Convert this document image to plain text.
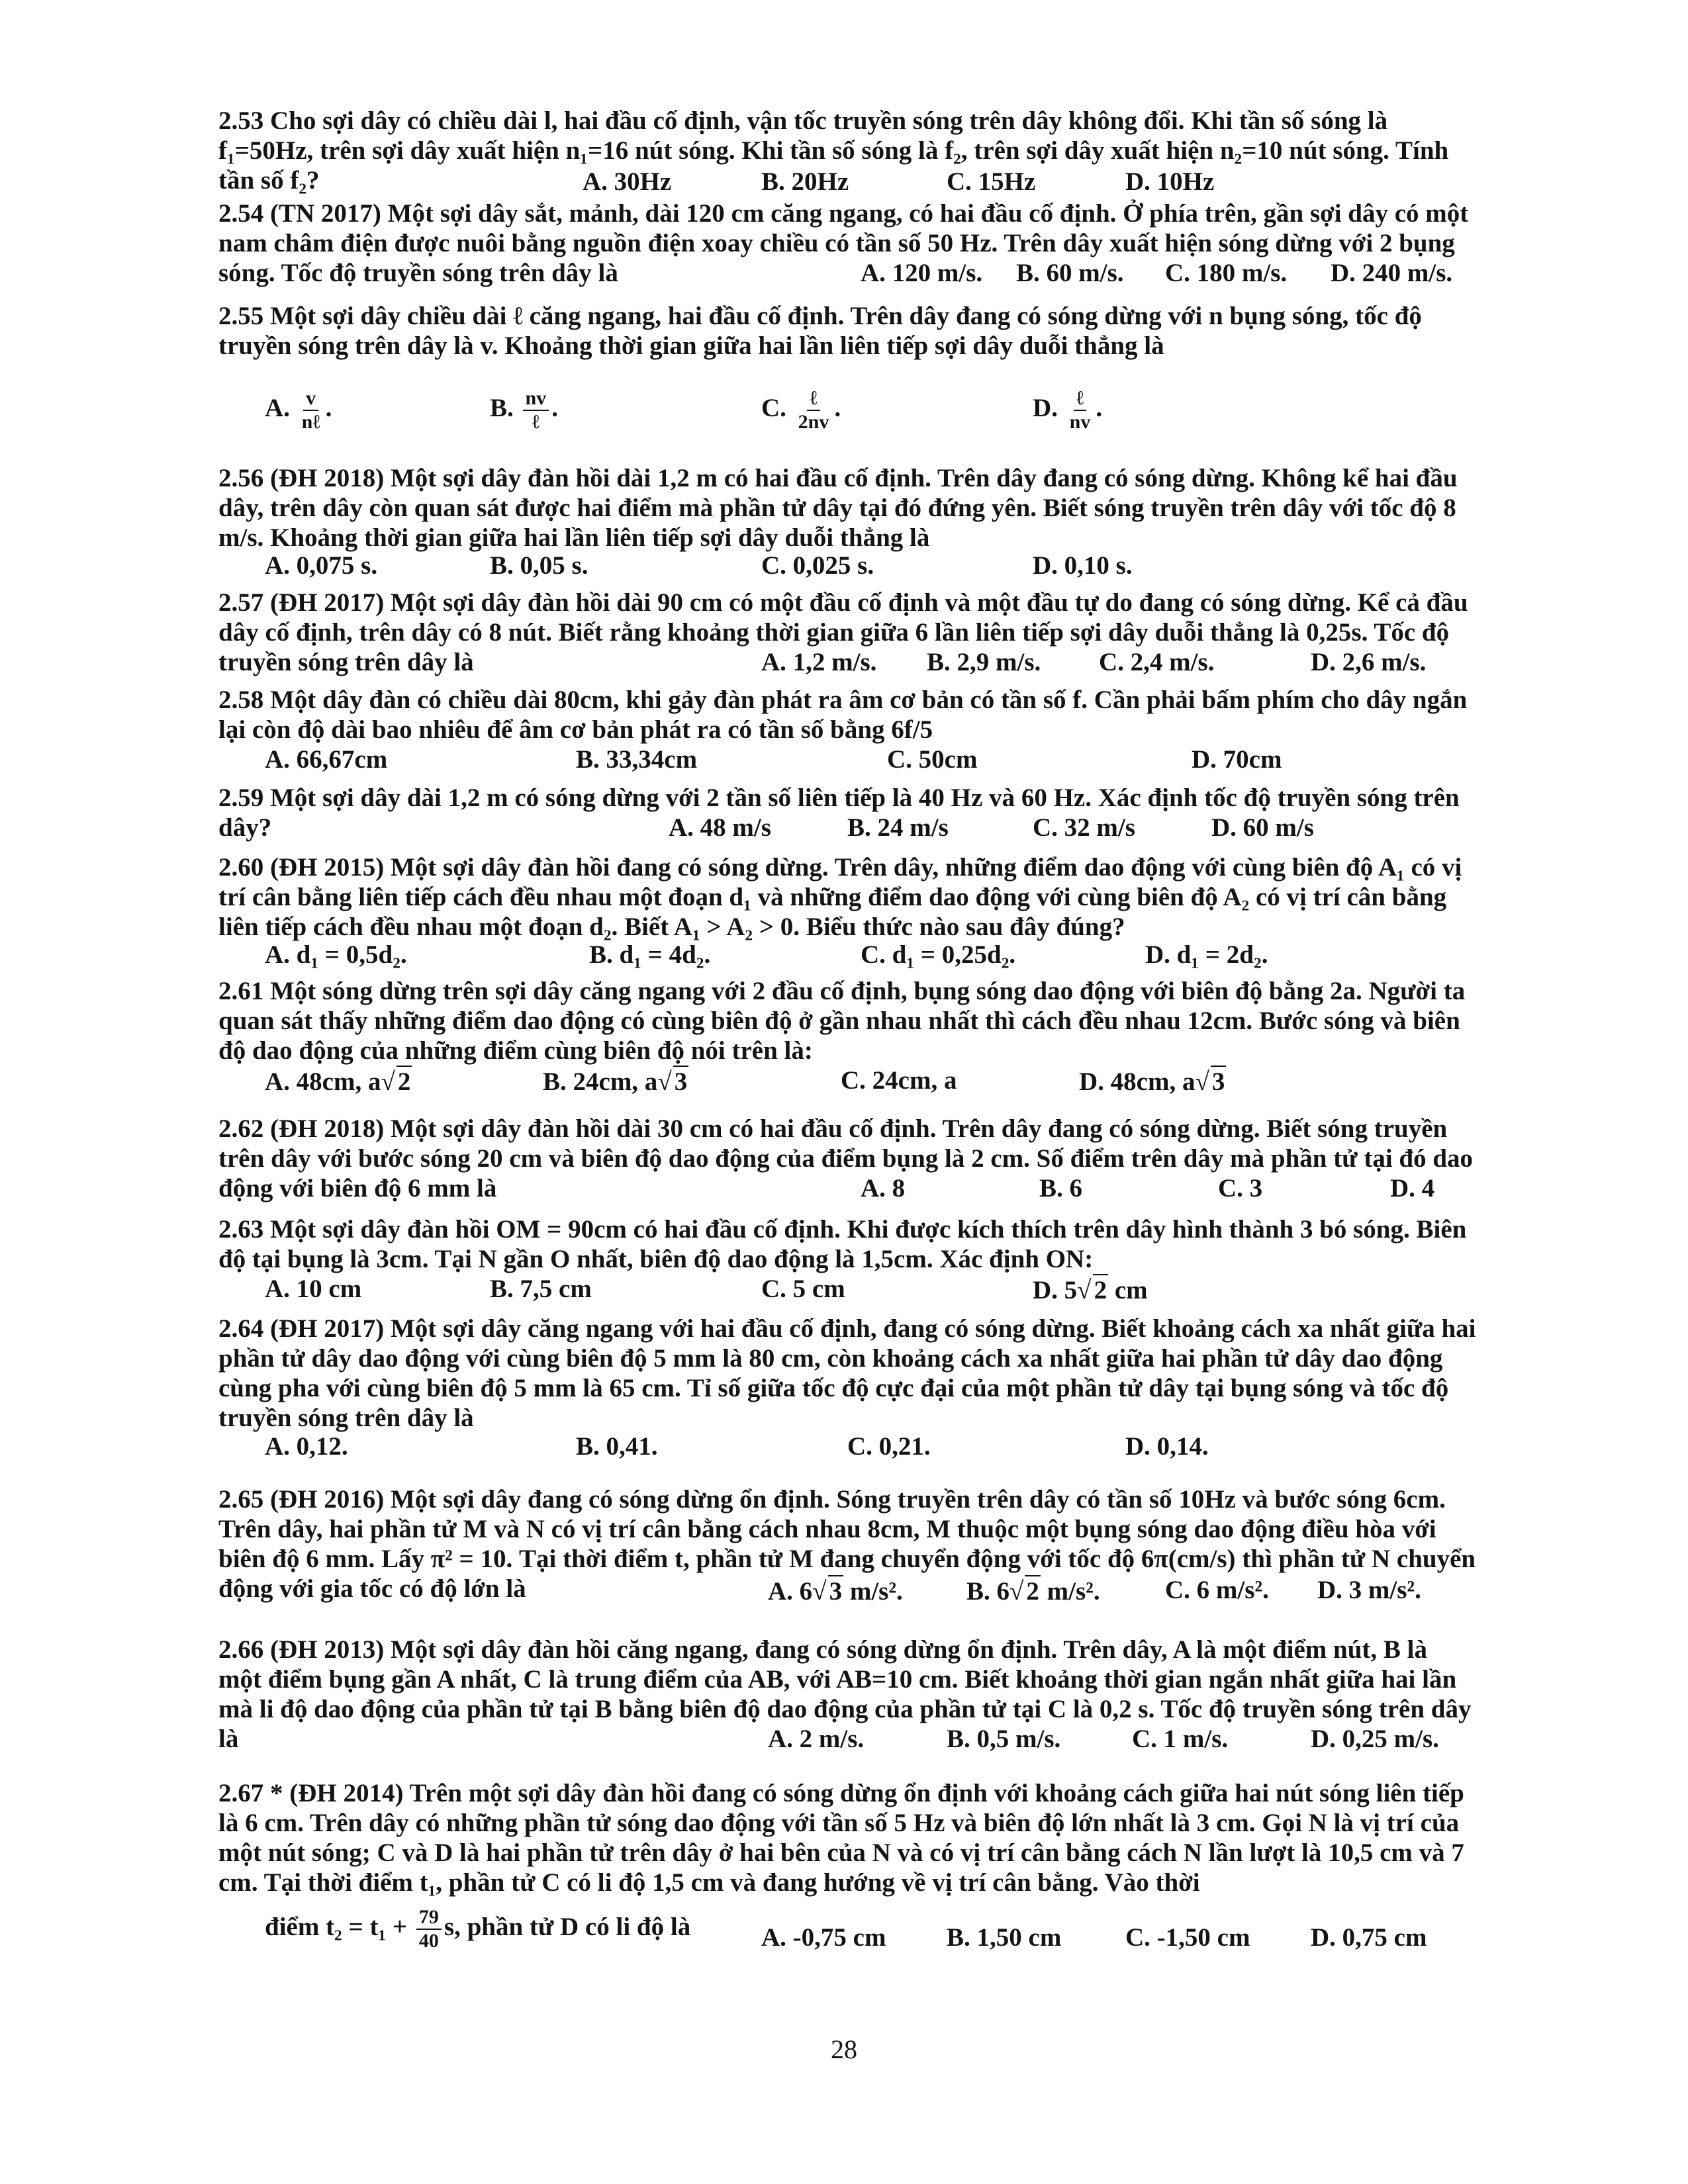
2.53 Cho sợi dây có chiều dài l, hai đầu cố định, vận tốc truyền sóng trên dây không đổi. Khi tần số sóng là f₁=50Hz, trên sợi dây xuất hiện n₁=16 nút sóng. Khi tần số sóng là f₂, trên sợi dây xuất hiện n₂=10 nút sóng. Tính tần số f₂?	A. 30Hz	B. 20Hz	C. 15Hz	D. 10Hz
2.54 (TN 2017) Một sợi dây sắt, mảnh, dài 120 cm căng ngang, có hai đầu cố định. Ở phía trên, gần sợi dây có một nam châm điện được nuôi bằng nguồn điện xoay chiều có tần số 50 Hz. Trên dây xuất hiện sóng dừng với 2 bụng sóng. Tốc độ truyền sóng trên dây là	A. 120 m/s. B. 60 m/s. C. 180 m/s. D. 240 m/s.
2.55 Một sợi dây chiều dài ℓ căng ngang, hai đầu cố định. Trên dây đang có sóng dừng với n bụng sóng, tốc độ truyền sóng trên dây là v. Khoảng thời gian giữa hai lần liên tiếp sợi dây duỗi thẳng là
A. $\frac{v}{\text{nℓ}}$ .	B. $\frac{nv}{\text{ℓ}}$ .	C. $\frac{\text{ℓ}}{2nv}$ .	D. $\frac{\text{ℓ}}{nv}$ .
2.56 (ĐH 2018) Một sợi dây đàn hồi dài 1,2 m có hai đầu cố định. Trên dây đang có sóng dừng. Không kể hai đầu dây, trên dây còn quan sát được hai điểm mà phần tử dây tại đó đứng yên. Biết sóng truyền trên dây với tốc độ 8 m/s. Khoảng thời gian giữa hai lần liên tiếp sợi dây duỗi thẳng là
A. 0,075 s.	B. 0,05 s.	C. 0,025 s.	D. 0,10 s.
2.57 (ĐH 2017) Một sợi dây đàn hồi dài 90 cm có một đầu cố định và một đầu tự do đang có sóng dừng. Kể cả đầu dây cố định, trên dây có 8 nút. Biết rằng khoảng thời gian giữa 6 lần liên tiếp sợi dây duỗi thẳng là 0,25s. Tốc độ truyền sóng trên dây là	A. 1,2 m/s. B. 2,9 m/s. C. 2,4 m/s.	D. 2,6 m/s.
2.58 Một dây đàn có chiều dài 80cm, khi gảy đàn phát ra âm cơ bản có tần số f. Cần phải bấm phím cho dây ngắn lại còn độ dài bao nhiêu để âm cơ bản phát ra có tần số bằng 6f/5
A. 66,67cm	B. 33,34cm	C. 50cm	D. 70cm
2.59 Một sợi dây dài 1,2 m có sóng dừng với 2 tần số liên tiếp là 40 Hz và 60 Hz. Xác định tốc độ truyền sóng trên dây?	A. 48 m/s	B. 24 m/s	C. 32 m/s	D. 60 m/s
2.60 (ĐH 2015) Một sợi dây đàn hồi đang có sóng dừng. Trên dây, những điểm dao động với cùng biên độ A₁ có vị trí cân bằng liên tiếp cách đều nhau một đoạn d₁ và những điểm dao động với cùng biên độ A₂ có vị trí cân bằng liên tiếp cách đều nhau một đoạn d₂. Biết A₁ > A₂ > 0. Biểu thức nào sau đây đúng?
A. d₁ = 0,5d₂.	B. d₁ = 4d₂.	C. d₁ = 0,25d₂.	D. d₁ = 2d₂.
2.61 Một sóng dừng trên sợi dây căng ngang với 2 đầu cố định, bụng sóng dao động với biên độ bằng 2a. Người ta quan sát thấy những điểm dao động có cùng biên độ ở gần nhau nhất thì cách đều nhau 12cm. Bước sóng và biên độ dao động của những điểm cùng biên độ nói trên là:
A. 48cm, a√ 2	B. 24cm, a√ 3	C. 24cm, a	D. 48cm, a√ 3
2.62 (ĐH 2018) Một sợi dây đàn hồi dài 30 cm có hai đầu cố định. Trên dây đang có sóng dừng. Biết sóng truyền trên dây với bước sóng 20 cm và biên độ dao động của điểm bụng là 2 cm. Số điểm trên dây mà phần tử tại đó dao động với biên độ 6 mm là	A. 8	B. 6	C. 3	D. 4
2.63 Một sợi dây đàn hồi OM = 90cm có hai đầu cố định. Khi được kích thích trên dây hình thành 3 bó sóng. Biên độ tại bụng là 3cm. Tại N gần O nhất, biên độ dao động là 1,5cm. Xác định ON:
A. 10 cm	B. 7,5 cm	C. 5 cm	D. 5√ 2 cm
2.64 (ĐH 2017) Một sợi dây căng ngang với hai đầu cố định, đang có sóng dừng. Biết khoảng cách xa nhất giữa hai phần tử dây dao động với cùng biên độ 5 mm là 80 cm, còn khoảng cách xa nhất giữa hai phần tử dây dao động cùng pha với cùng biên độ 5 mm là 65 cm. Tỉ số giữa tốc độ cực đại của một phần tử dây tại bụng sóng và tốc độ truyền sóng trên dây là
A. 0,12.	B. 0,41.	C. 0,21.	D. 0,14.
2.65 (ĐH 2016) Một sợi dây đang có sóng dừng ổn định. Sóng truyền trên dây có tần số 10Hz và bước sóng 6cm. Trên dây, hai phần tử M và N có vị trí cân bằng cách nhau 8cm, M thuộc một bụng sóng dao động điều hòa với biên độ 6 mm. Lấy π² = 10. Tại thời điểm t, phần tử M đang chuyển động với tốc độ 6π(cm/s) thì phần tử N chuyển động với gia tốc có độ lớn là	A. 6√ 3 m/s². B. 6√ 2 m/s².	C. 6 m/s². D. 3 m/s².
2.66 (ĐH 2013) Một sợi dây đàn hồi căng ngang, đang có sóng dừng ổn định. Trên dây, A là một điểm nút, B là một điểm bụng gần A nhất, C là trung điểm của AB, với AB=10 cm. Biết khoảng thời gian ngắn nhất giữa hai lần mà li độ dao động của phần tử tại B bằng biên độ dao động của phần tử tại C là 0,2 s. Tốc độ truyền sóng trên dây là	A. 2 m/s.	B. 0,5 m/s.	C. 1 m/s.	D. 0,25 m/s.
2.67 * (ĐH 2014) Trên một sợi dây đàn hồi đang có sóng dừng ổn định với khoảng cách giữa hai nút sóng liên tiếp là 6 cm. Trên dây có những phần tử sóng dao động với tần số 5 Hz và biên độ lớn nhất là 3 cm. Gọi N là vị trí của một nút sóng; C và D là hai phần tử trên dây ở hai bên của N và có vị trí cân bằng cách N lần lượt là 10,5 cm và 7 cm. Tại thời điểm t₁, phần tử C có li độ 1,5 cm và đang hướng về vị trí cân bằng. Vào thời
điểm $t_2 = t_1 + \frac{79}{40} s$, phần tử D có li độ là	A. -0,75 cm B. 1,50 cm C. -1,50 cm D. 0,75 cm
28
